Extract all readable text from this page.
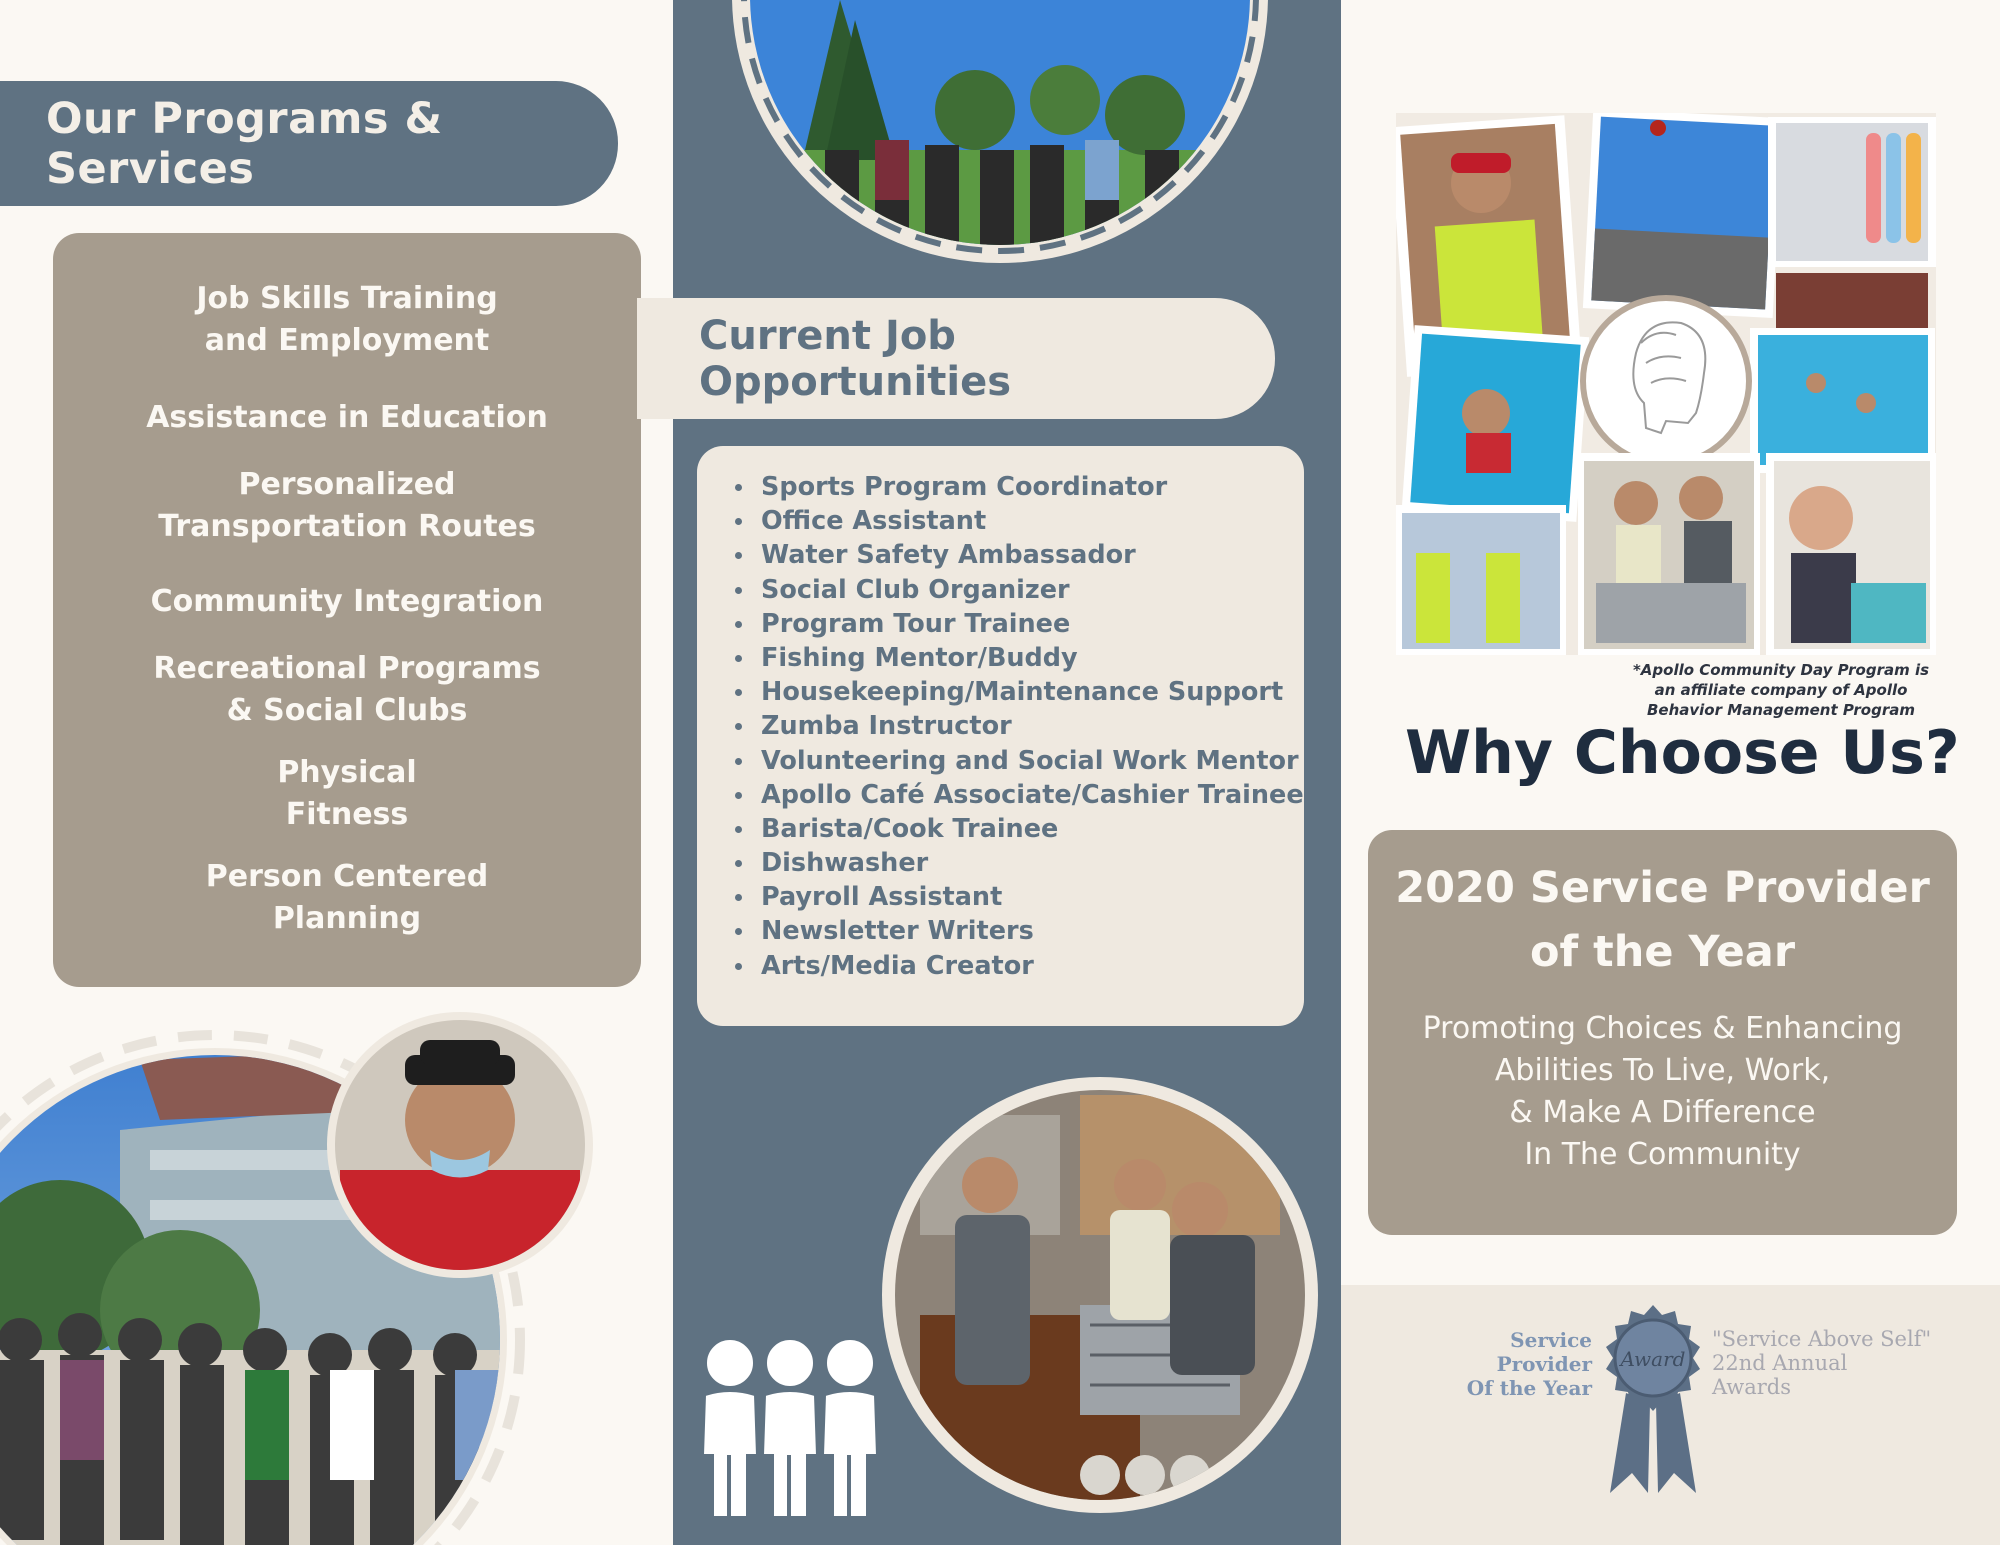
Our Programs & Services
Job Skills Training
and Employment
Assistance in Education
Personalized
Transportation Routes
Community Integration
Recreational Programs
& Social Clubs
Physical
Fitness
Person Centered
Planning
Current Job Opportunities
Sports Program Coordinator
Office Assistant
Water Safety Ambassador
Social Club Organizer
Program Tour Trainee
Fishing Mentor/Buddy
Housekeeping/Maintenance Support
Zumba Instructor
Volunteering and Social Work Mentor
Apollo Café Associate/Cashier Trainee
Barista/Cook Trainee
Dishwasher
Payroll Assistant
Newsletter Writers
Arts/Media Creator
*Apollo Community Day Program is
an affiliate company of Apollo
Behavior Management Program
Why Choose Us?
2020 Service Provider
of the Year
Promoting Choices & Enhancing
Abilities To Live, Work,
& Make A Difference
In The Community
Service
Provider
Of the Year
Award
"Service Above Self"
22nd Annual
Awards
